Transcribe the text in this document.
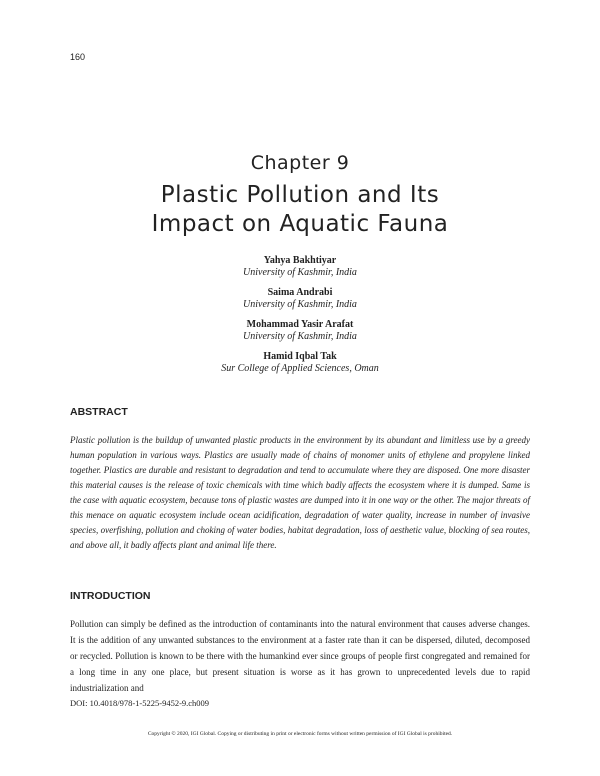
160
Chapter 9
Plastic Pollution and Its
Impact on Aquatic Fauna
Yahya Bakhtiyar
University of Kashmir, India
Saima Andrabi
University of Kashmir, India
Mohammad Yasir Arafat
University of Kashmir, India
Hamid Iqbal Tak
Sur College of Applied Sciences, Oman
ABSTRACT
Plastic pollution is the buildup of unwanted plastic products in the environment by its abundant and limitless use by a greedy human population in various ways. Plastics are usually made of chains of monomer units of ethylene and propylene linked together. Plastics are durable and resistant to degradation and tend to accumulate where they are disposed. One more disaster this material causes is the release of toxic chemicals with time which badly affects the ecosystem where it is dumped. Same is the case with aquatic ecosystem, because tons of plastic wastes are dumped into it in one way or the other. The major threats of this menace on aquatic ecosystem include ocean acidification, degradation of water quality, increase in number of invasive species, overfishing, pollution and choking of water bodies, habitat degradation, loss of aesthetic value, blocking of sea routes, and above all, it badly affects plant and animal life there.
INTRODUCTION
Pollution can simply be defined as the introduction of contaminants into the natural environment that causes adverse changes. It is the addition of any unwanted substances to the environment at a faster rate than it can be dispersed, diluted, decomposed or recycled. Pollution is known to be there with the humankind ever since groups of people first congregated and remained for a long time in any one place, but present situation is worse as it has grown to unprecedented levels due to rapid industrialization and
DOI: 10.4018/978-1-5225-9452-9.ch009
Copyright © 2020, IGI Global. Copying or distributing in print or electronic forms without written permission of IGI Global is prohibited.
